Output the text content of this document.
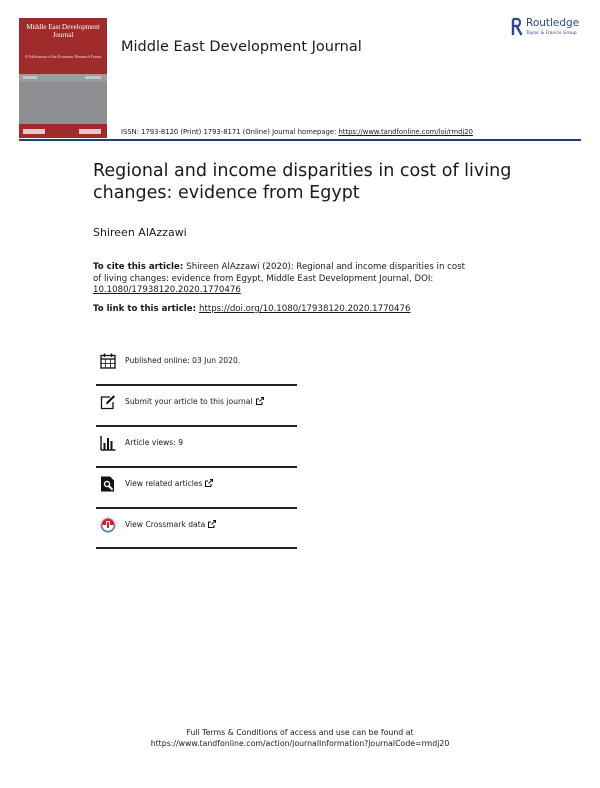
Middle East Development Journal
A Publication of the Economic Research Forum
Middle East Development Journal
Routledge
Taylor & Francis Group
ISSN: 1793-8120 (Print) 1793-8171 (Online) Journal homepage: https://www.tandfonline.com/loi/rmdj20
Regional and income disparities in cost of living changes: evidence from Egypt
Shireen AlAzzawi
To cite this article: Shireen AlAzzawi (2020): Regional and income disparities in cost of living changes: evidence from Egypt, Middle East Development Journal, DOI: 10.1080/17938120.2020.1770476
To link to this article: https://doi.org/10.1080/17938120.2020.1770476
Published online: 03 Jun 2020.
Submit your article to this journal
Article views: 9
View related articles
View Crossmark data
Full Terms & Conditions of access and use can be found at
https://www.tandfonline.com/action/journalInformation?journalCode=rmdj20
